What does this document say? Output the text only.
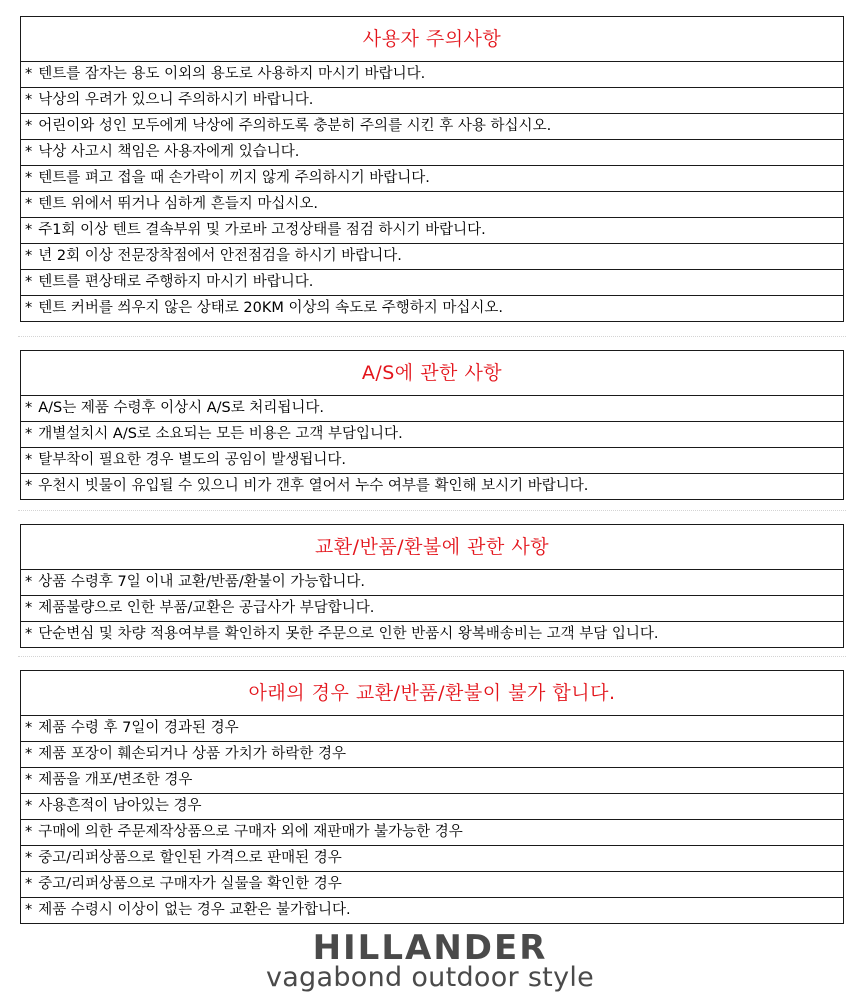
사용자 주의사항
* 텐트를 잠자는 용도 이외의 용도로 사용하지 마시기 바랍니다.
* 낙상의 우려가 있으니 주의하시기 바랍니다.
* 어린이와 성인 모두에게 낙상에 주의하도록 충분히 주의를 시킨 후 사용 하십시오.
* 낙상 사고시 책임은 사용자에게 있습니다.
* 텐트를 펴고 접을 때 손가락이 끼지 않게 주의하시기 바랍니다.
* 텐트 위에서 뛰거나 심하게 흔들지 마십시오.
* 주1회 이상 텐트 결속부위 및 가로바 고정상태를 점검 하시기 바랍니다.
* 년 2회 이상 전문장착점에서 안전점검을 하시기 바랍니다.
* 텐트를 편상태로 주행하지 마시기 바랍니다.
* 텐트 커버를 씌우지 않은 상태로 20KM 이상의 속도로 주행하지 마십시오.
A/S에 관한 사항
* A/S는 제품 수령후 이상시 A/S로 처리됩니다.
* 개별설치시 A/S로 소요되는 모든 비용은 고객 부담입니다.
* 탈부착이 필요한 경우 별도의 공임이 발생됩니다.
* 우천시 빗물이 유입될 수 있으니 비가 갠후 열어서 누수 여부를 확인해 보시기 바랍니다.
교환/반품/환불에 관한 사항
* 상품 수령후 7일 이내 교환/반품/환불이 가능합니다.
* 제품불량으로 인한 부품/교환은 공급사가 부담합니다.
* 단순변심 및 차량 적용여부를 확인하지 못한 주문으로 인한 반품시 왕복배송비는 고객 부담 입니다.
아래의 경우 교환/반품/환불이 불가 합니다.
* 제품 수령 후 7일이 경과된 경우
* 제품 포장이 훼손되거나 상품 가치가 하락한 경우
* 제품을 개포/변조한 경우
* 사용흔적이 남아있는 경우
* 구매에 의한 주문제작상품으로 구매자 외에 재판매가 불가능한 경우
* 중고/리퍼상품으로 할인된 가격으로 판매된 경우
* 중고/리퍼상품으로 구매자가 실물을 확인한 경우
* 제품 수령시 이상이 없는 경우 교환은 불가합니다.
HILLANDER
vagabond outdoor style
